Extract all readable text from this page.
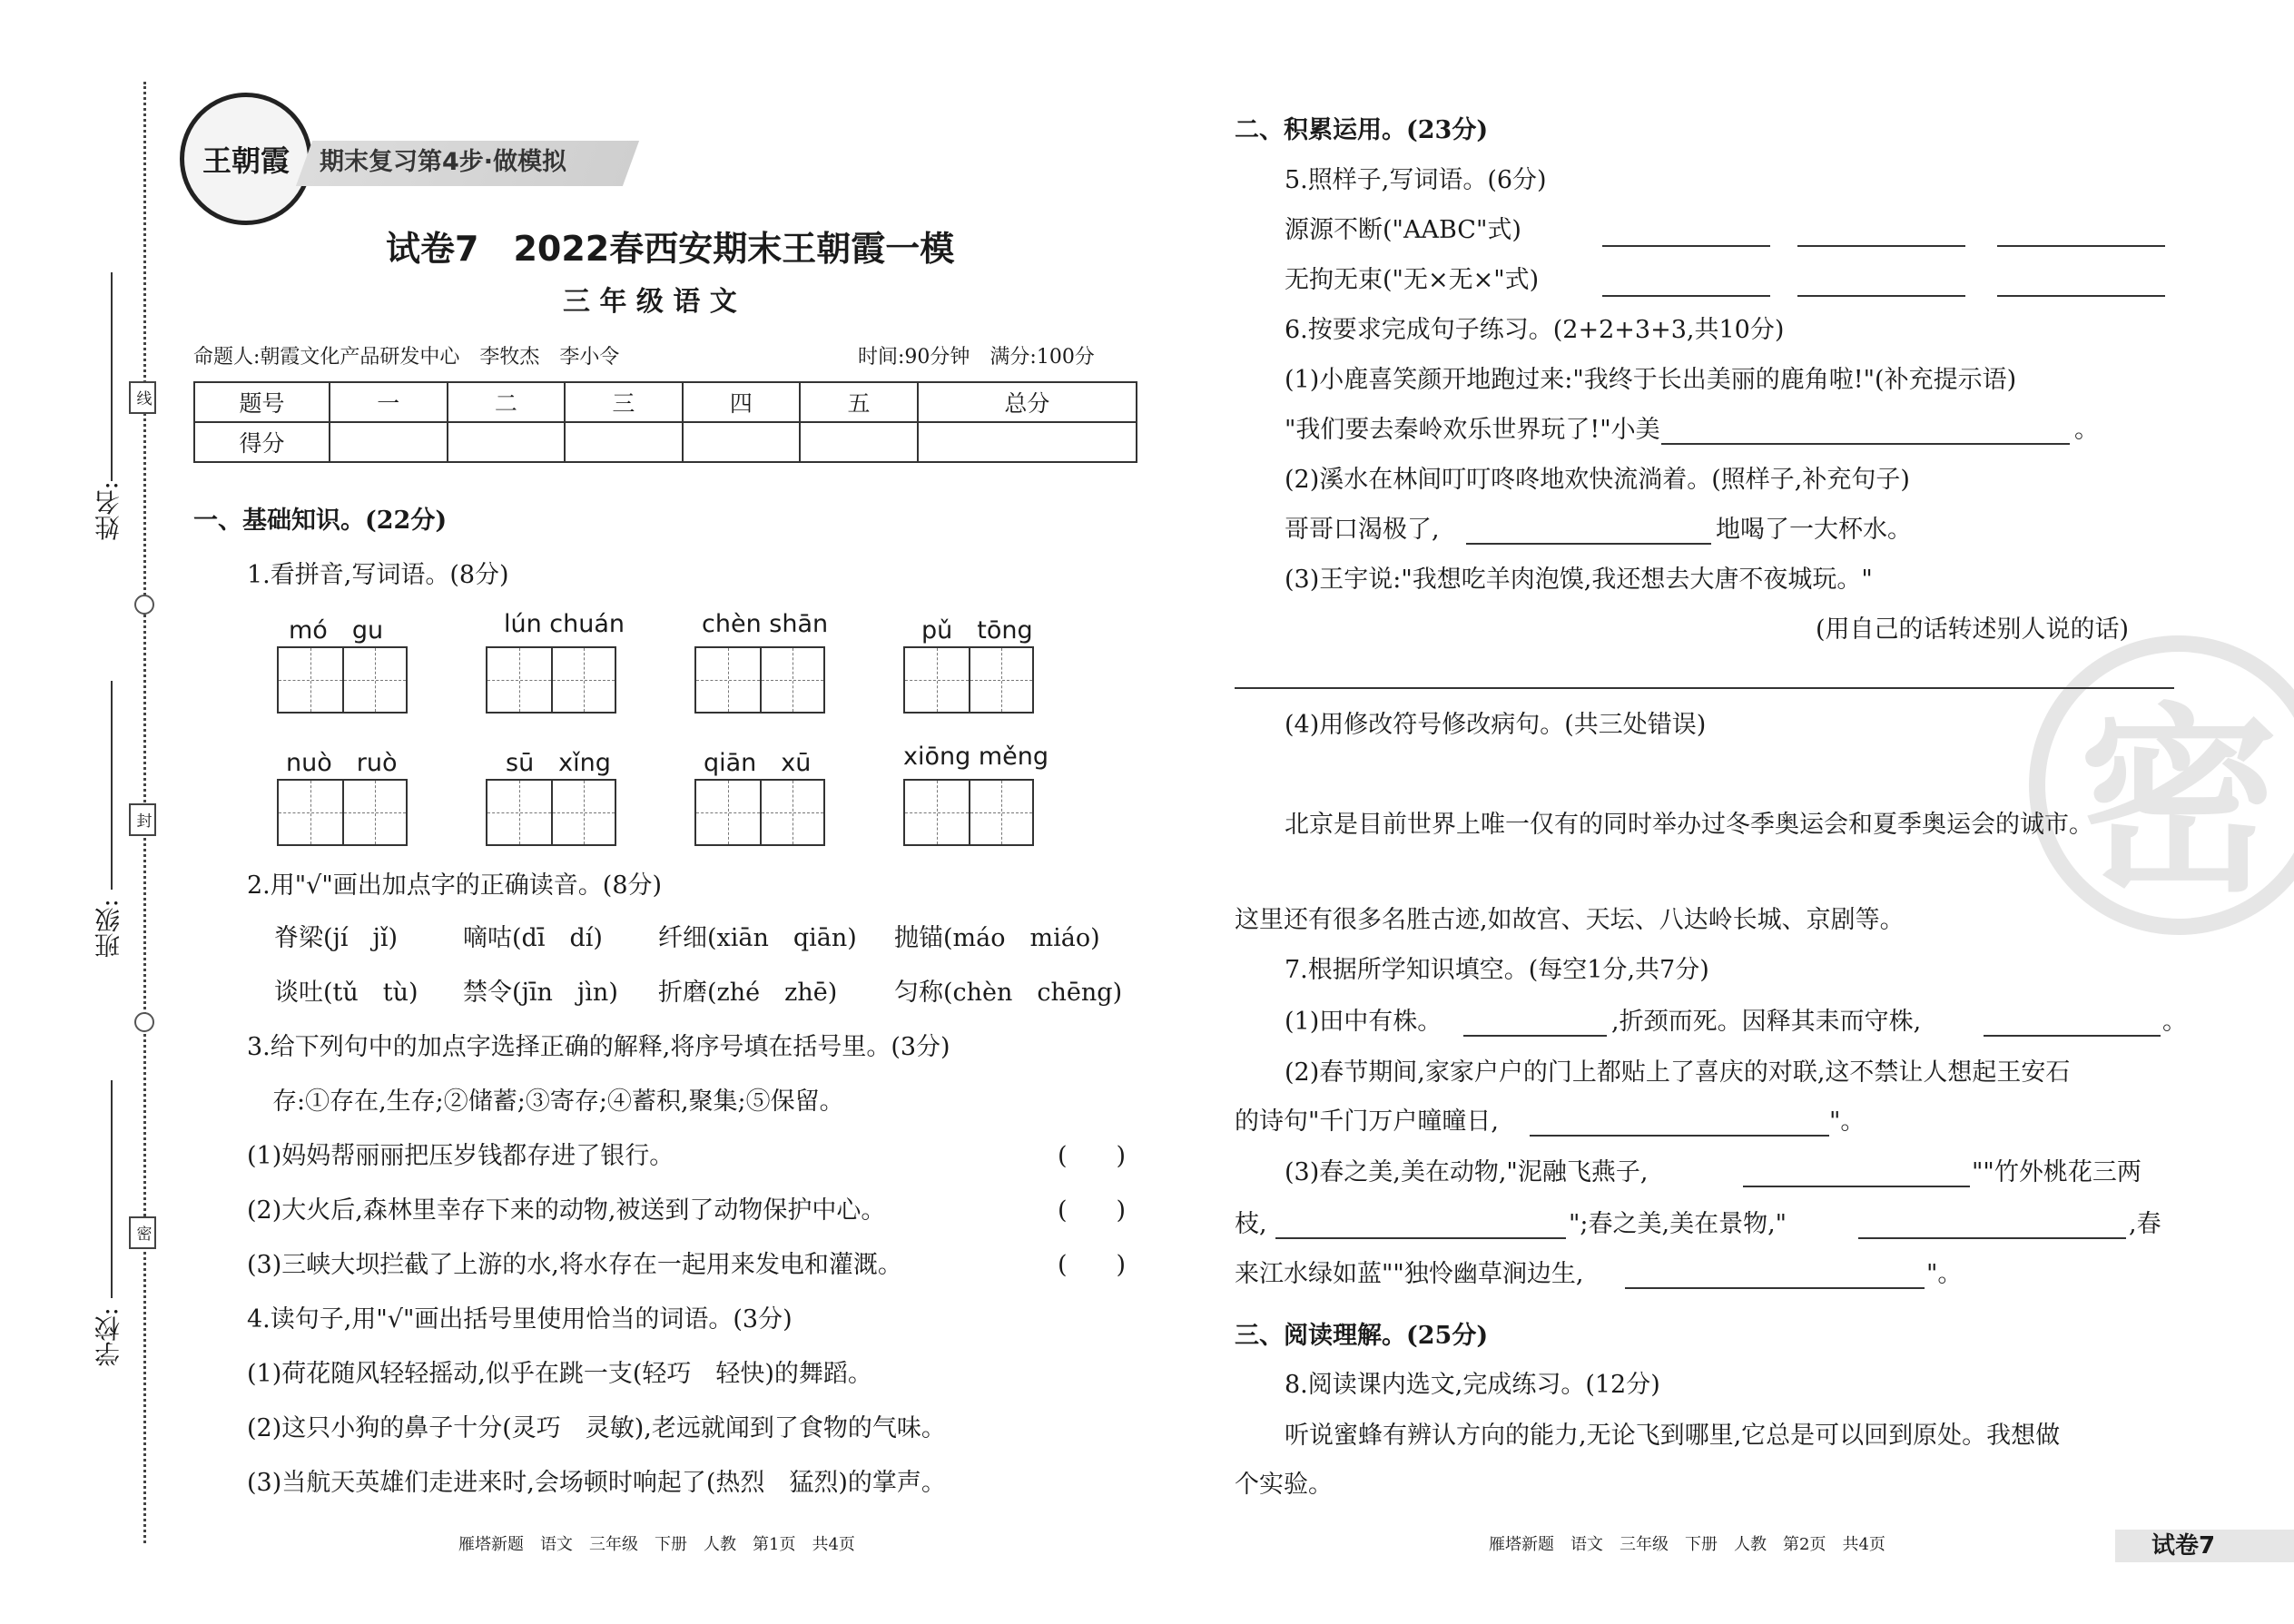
姓名:
班级:
学校:
线
封
密
王朝霞 期末复习第4步·做模拟
试卷7　2022春西安期末王朝霞一模
三 年 级 语 文
命题人:朝霞文化产品研发中心　李牧杰　李小令	时间:90分钟　满分:100分
题号	一	二	三	四	五	总分
得分						
一、基础知识。(22分)
1.看拼音,写词语。(8分)
mó　gu	lún chuán	chèn shān	pǔ　tōng
nuò　ruò	sū　xǐng	qiān　xū	xiōng měng
2.用"√"画出加点字的正确读音。(8分)
脊梁(jí　jǐ)	嘀咕(dī　dí) 纤细(xiān　qiān) 抛锚(máo　miáo)
谈吐(tǔ　tù) 禁令(jīn　jìn) 折磨(zhé　zhē) 匀称(chèn　chēng)
3.给下列句中的加点字选择正确的解释,将序号填在括号里。(3分)
存:①存在,生存;②储蓄;③寄存;④蓄积,聚集;⑤保留。
(1)妈妈帮丽丽把压岁钱都存进了银行。	(　　)
(2)大火后,森林里幸存下来的动物,被送到了动物保护中心。	(　　)
(3)三峡大坝拦截了上游的水,将水存在一起用来发电和灌溉。	(　　)
4.读句子,用"√"画出括号里使用恰当的词语。(3分)
(1)荷花随风轻轻摇动,似乎在跳一支(轻巧　轻快)的舞蹈。
(2)这只小狗的鼻子十分(灵巧　灵敏),老远就闻到了食物的气味。
(3)当航天英雄们走进来时,会场顿时响起了(热烈　猛烈)的掌声。
雁塔新题　语文　三年级　下册　人教　第1页　共4页
密
二、积累运用。(23分)
5.照样子,写词语。(6分)
源源不断("AABC"式)
无拘无束("无×无×"式)
6.按要求完成句子练习。(2+2+3+3,共10分)
(1)小鹿喜笑颜开地跑过来:"我终于长出美丽的鹿角啦!"(补充提示语)
"我们要去秦岭欢乐世界玩了!"小美	。
(2)溪水在林间叮叮咚咚地欢快流淌着。(照样子,补充句子)
哥哥口渴极了,	地喝了一大杯水。
(3)王宇说:"我想吃羊肉泡馍,我还想去大唐不夜城玩。"
(用自己的话转述别人说的话)
(4)用修改符号修改病句。(共三处错误)
北京是目前世界上唯一仅有的同时举办过冬季奥运会和夏季奥运会的诚市。
这里还有很多名胜古迹,如故宫、天坛、八达岭长城、京剧等。
7.根据所学知识填空。(每空1分,共7分)
(1)田中有株。	,折颈而死。因释其耒而守株,	。
(2)春节期间,家家户户的门上都贴上了喜庆的对联,这不禁让人想起王安石
的诗句"千门万户曈曈日,	"。
(3)春之美,美在动物,"泥融飞燕子,	""竹外桃花三两
枝,	";春之美,美在景物,"	,春
来江水绿如蓝""独怜幽草涧边生,	"。
三、阅读理解。(25分)
8.阅读课内选文,完成练习。(12分)
听说蜜蜂有辨认方向的能力,无论飞到哪里,它总是可以回到原处。我想做
个实验。
雁塔新题　语文　三年级　下册　人教　第2页　共4页	试卷7
